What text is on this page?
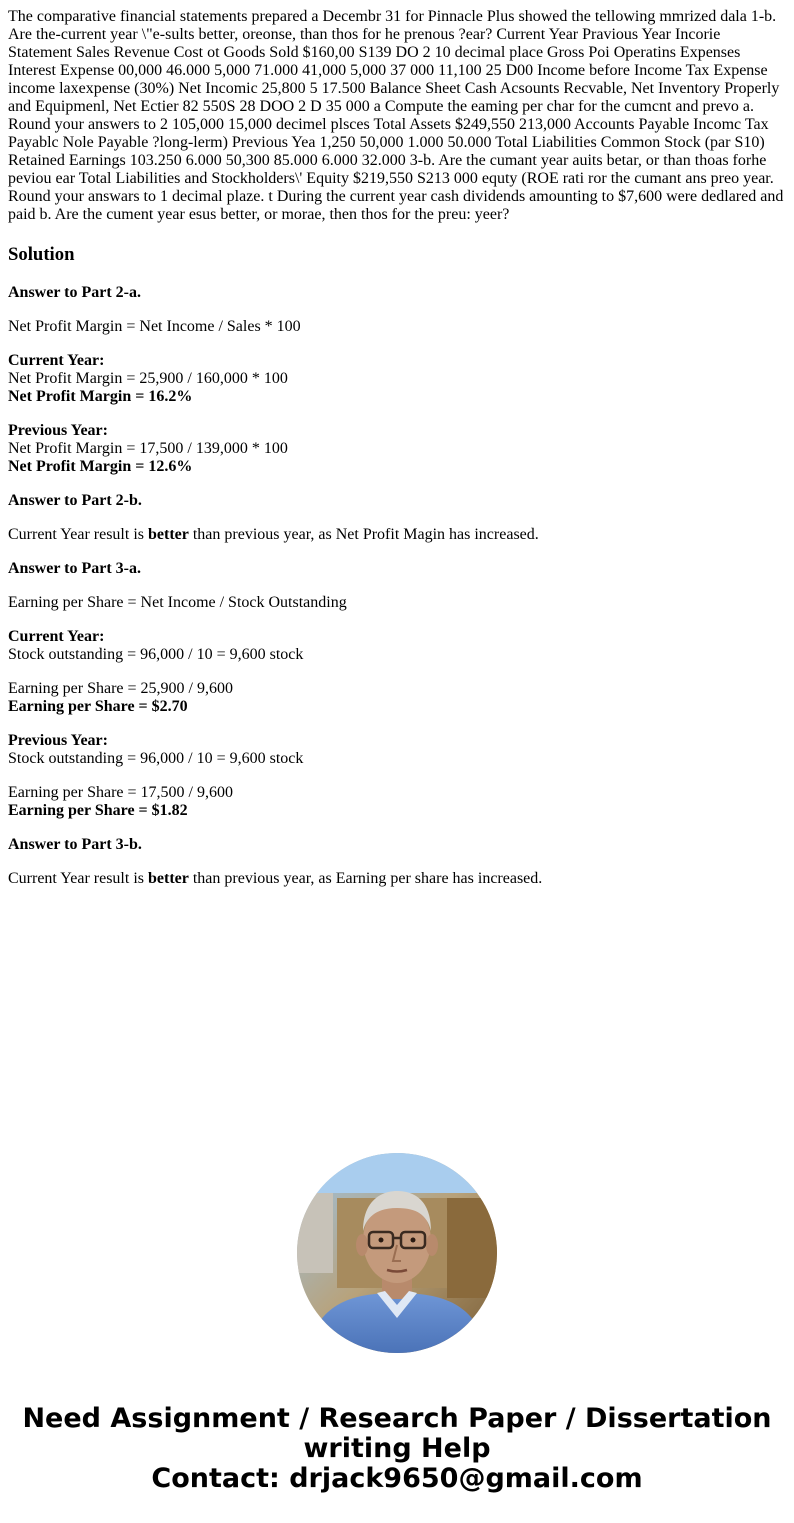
The comparative financial statements prepared a Decembr 31 for Pinnacle Plus showed the tellowing mmrized dala 1-b. Are the-current year \"e-sults better, oreonse, than thos for he prenous ?ear? Current Year Pravious Year Incorie Statement Sales Revenue Cost ot Goods Sold $160,00 S139 DO 2 10 decimal place Gross Poi Operatins Expenses Interest Expense 00,000 46.000 5,000 71.000 41,000 5,000 37 000 11,100 25 D00 Income before Income Tax Expense income laxexpense (30%) Net Incomic 25,800 5 17.500 Balance Sheet Cash Acsounts Recvable, Net Inventory Properly and Equipmenl, Net Ectier 82 550S 28 DOO 2 D 35 000 a Compute the eaming per char for the cumcnt and prevo a. Round your answers to 2 105,000 15,000 decimel plsces Total Assets $249,550 213,000 Accounts Payable Incomc Tax Payablc Nole Payable ?long-lerm) Previous Yea 1,250 50,000 1.000 50.000 Total Liabilities Common Stock (par S10) Retained Earnings 103.250 6.000 50,300 85.000 6.000 32.000 3-b. Are the cumant year auits betar, or than thoas forhe peviou ear Total Liabilities and Stockholders\' Equity $219,550 S213 000 equty (ROE rati ror the cumant ans preo year. Round your answars to 1 decimal plaze. t During the current year cash dividends amounting to $7,600 were dedlared and paid b. Are the cument year esus better, or morae, then thos for the preu: yeer?

Solution

Answer to Part 2-a.

Net Profit Margin = Net Income / Sales * 100

Current Year:
Net Profit Margin = 25,900 / 160,000 * 100
Net Profit Margin = 16.2%

Previous Year:
Net Profit Margin = 17,500 / 139,000 * 100
Net Profit Margin = 12.6%

Answer to Part 2-b.

Current Year result is better than previous year, as Net Profit Magin has increased.

Answer to Part 3-a.

Earning per Share = Net Income / Stock Outstanding

Current Year:
Stock outstanding = 96,000 / 10 = 9,600 stock

Earning per Share = 25,900 / 9,600
Earning per Share = $2.70

Previous Year:
Stock outstanding = 96,000 / 10 = 9,600 stock

Earning per Share = 17,500 / 9,600
Earning per Share = $1.82

Answer to Part 3-b.

Current Year result is better than previous year, as Earning per share has increased.

Need Assignment / Research Paper / Dissertation
writing Help
Contact: drjack9650@gmail.com
